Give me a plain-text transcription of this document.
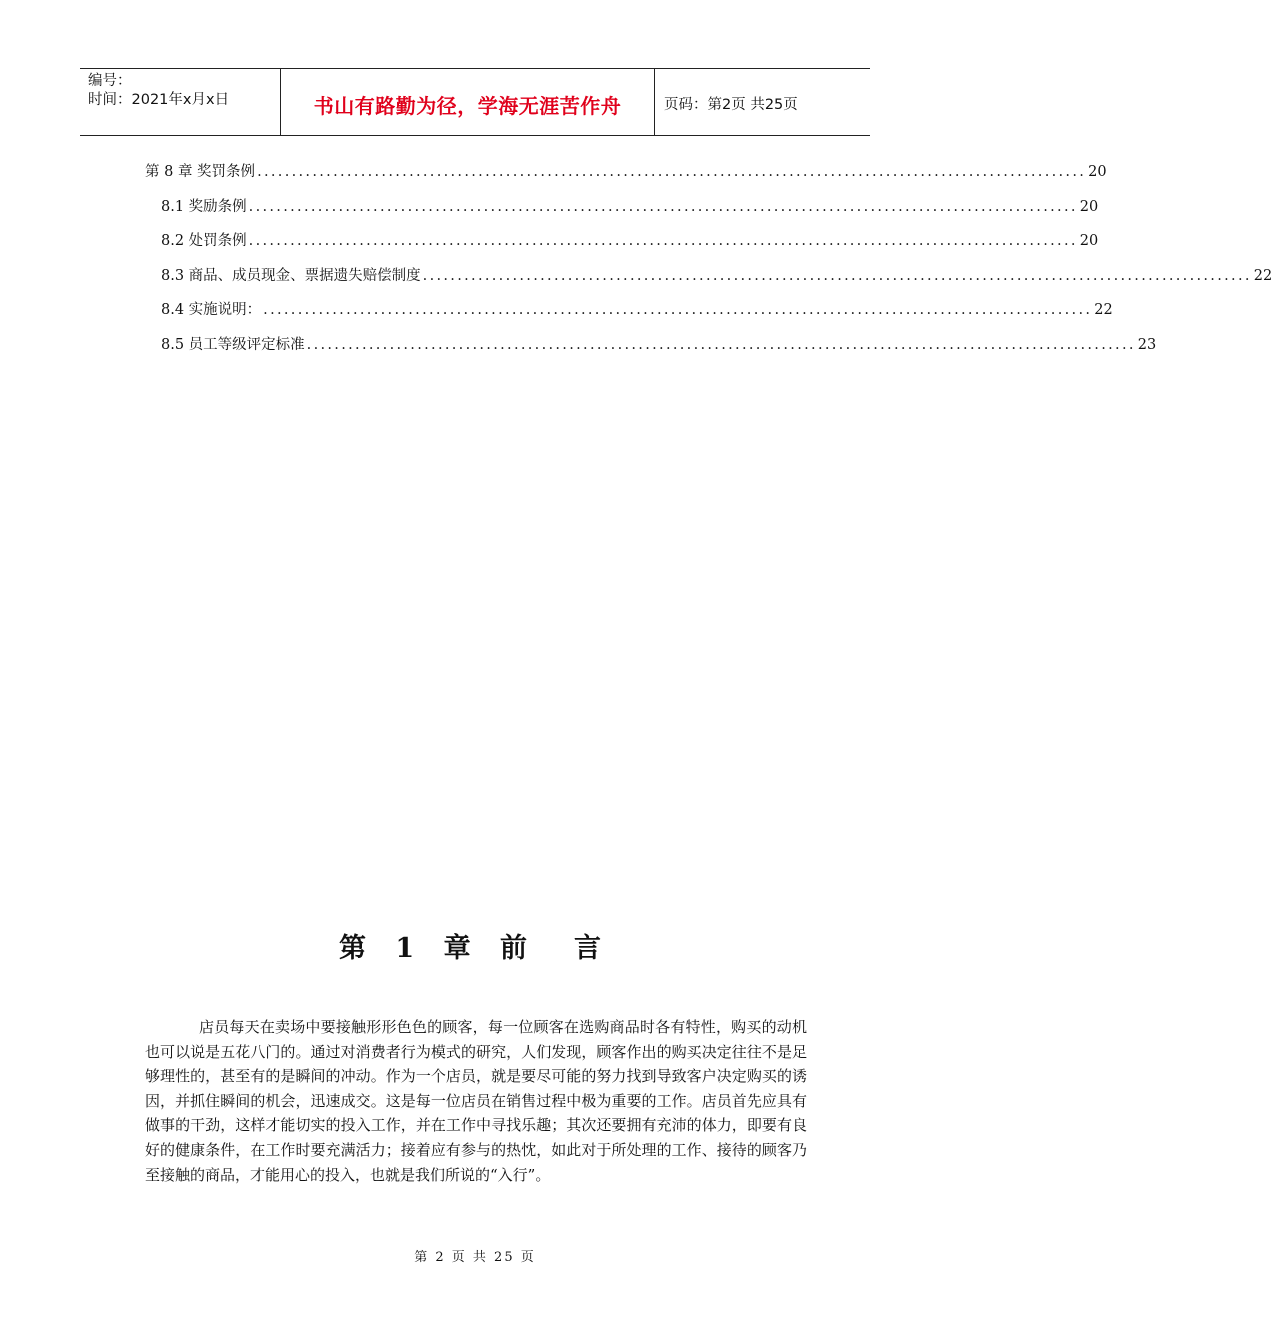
编号：
时间：2021年x月x日	书山有路勤为径，学海无涯苦作舟	页码：第2页 共25页
第 8 章 奖罚条例 ........................................................................................................................ 20
8.1 奖励条例 ........................................................................................................................ 20
8.2 处罚条例 ........................................................................................................................ 20
8.3 商品、成员现金、票据遗失赔偿制度 ........................................................................................................................ 22
8.4 实施说明： ........................................................................................................................ 22
8.5 员工等级评定标准 ........................................................................................................................ 23
第 1 章 前　言

店员每天在卖场中要接触形形色色的顾客，每一位顾客在选购商品时各有特性，购买的动机也可以说是五花八门的。通过对消费者行为模式的研究，人们发现，顾客作出的购买决定往往不是足够理性的，甚至有的是瞬间的冲动。作为一个店员，就是要尽可能的努力找到导致客户决定购买的诱因，并抓住瞬间的机会，迅速成交。这是每一位店员在销售过程中极为重要的工作。店员首先应具有做事的干劲，这样才能切实的投入工作，并在工作中寻找乐趣；其次还要拥有充沛的体力，即要有良好的健康条件，在工作时要充满活力；接着应有参与的热忱，如此对于所处理的工作、接待的顾客乃至接触的商品，才能用心的投入，也就是我们所说的“入行”。

第 2 页 共 25 页
